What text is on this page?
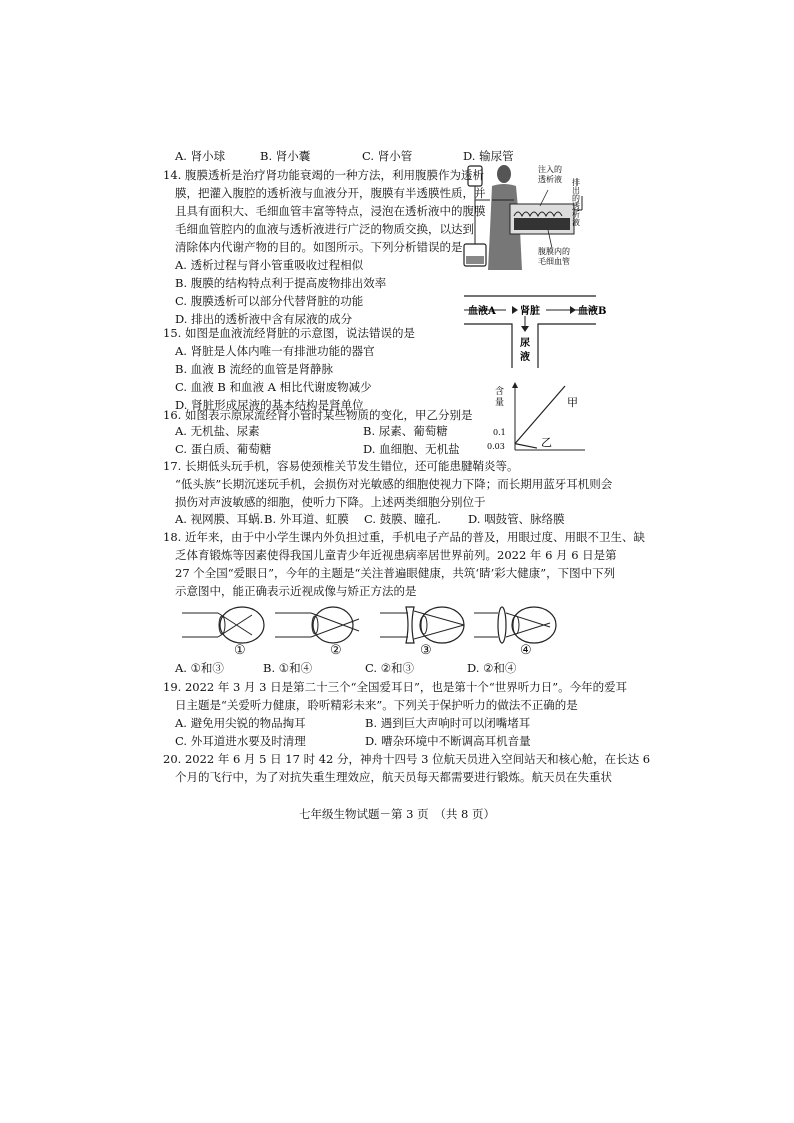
A. 肾小球	B. 肾小囊	C. 肾小管	D. 输尿管
14. 腹膜透析是治疗肾功能衰竭的一种方法，利用腹膜作为透析
膜，把灌入腹腔的透析液与血液分开，腹膜有半透膜性质，并
且具有面积大、毛细血管丰富等特点，浸泡在透析液中的腹膜
毛细血管腔内的血液与透析液进行广泛的物质交换，以达到
清除体内代谢产物的目的。如图所示。下列分析错误的是
A. 透析过程与肾小管重吸收过程相似
B. 腹膜的结构特点利于提高废物排出效率
C. 腹膜透析可以部分代替肾脏的功能
D. 排出的透析液中含有尿液的成分
注入的
透析液 排出的透析液
腹膜内的
毛细血管
15. 如图是血液流经肾脏的示意图，说法错误的是
A. 肾脏是人体内唯一有排泄功能的器官
B. 血液 B 流经的血管是肾静脉
C. 血液 B 和血液 A 相比代谢废物减少
D. 肾脏形成尿液的基本结构是肾单位
血液A 肾脏	血液B
尿
液
尿液
16. 如图表示原尿流经肾小管时某些物质的变化，甲乙分别是
A. 无机盐、尿素	B. 尿素、葡萄糖
C. 蛋白质、葡萄糖	D. 血细胞、无机盐
含
量
含量
0.1
0.03
甲
乙
17. 长期低头玩手机，容易使颈椎关节发生错位，还可能患腱鞘炎等。
“低头族”长期沉迷玩手机，会损伤对光敏感的细胞使视力下降；而长期用蓝牙耳机则会
损伤对声波敏感的细胞，使听力下降。上述两类细胞分别位于
A. 视网膜、耳蜗. B. 外耳道、虹膜 C. 鼓膜、瞳孔. D. 咽鼓管、脉络膜
18. 近年来，由于中小学生课内外负担过重，手机电子产品的普及，用眼过度、用眼不卫生、缺
乏体育锻炼等因素使得我国儿童青少年近视患病率居世界前列。2022 年 6 月 6 日是第
27 个全国“爱眼日”，今年的主题是“关注普遍眼健康，共筑‘睛’彩大健康”，下图中下列
示意图中，能正确表示近视成像与矫正方法的是
①	②	③	④
A. ①和③	B. ①和④	C. ②和③	D. ②和④
19. 2022 年 3 月 3 日是第二十三个“全国爱耳日”，也是第十个“世界听力日”。今年的爱耳
日主题是“关爱听力健康，聆听精彩未来”。下列关于保护听力的做法不正确的是
A. 避免用尖锐的物品掏耳	B. 遇到巨大声响时可以闭嘴堵耳
C. 外耳道进水要及时清理	D. 嘈杂环境中不断调高耳机音量
20. 2022 年 6 月 5 日 17 时 42 分，神舟十四号 3 位航天员进入空间站天和核心舱，在长达 6
个月的飞行中，为了对抗失重生理效应，航天员每天都需要进行锻炼。航天员在失重状
七年级生物试题－第 3 页　（共 8 页）
